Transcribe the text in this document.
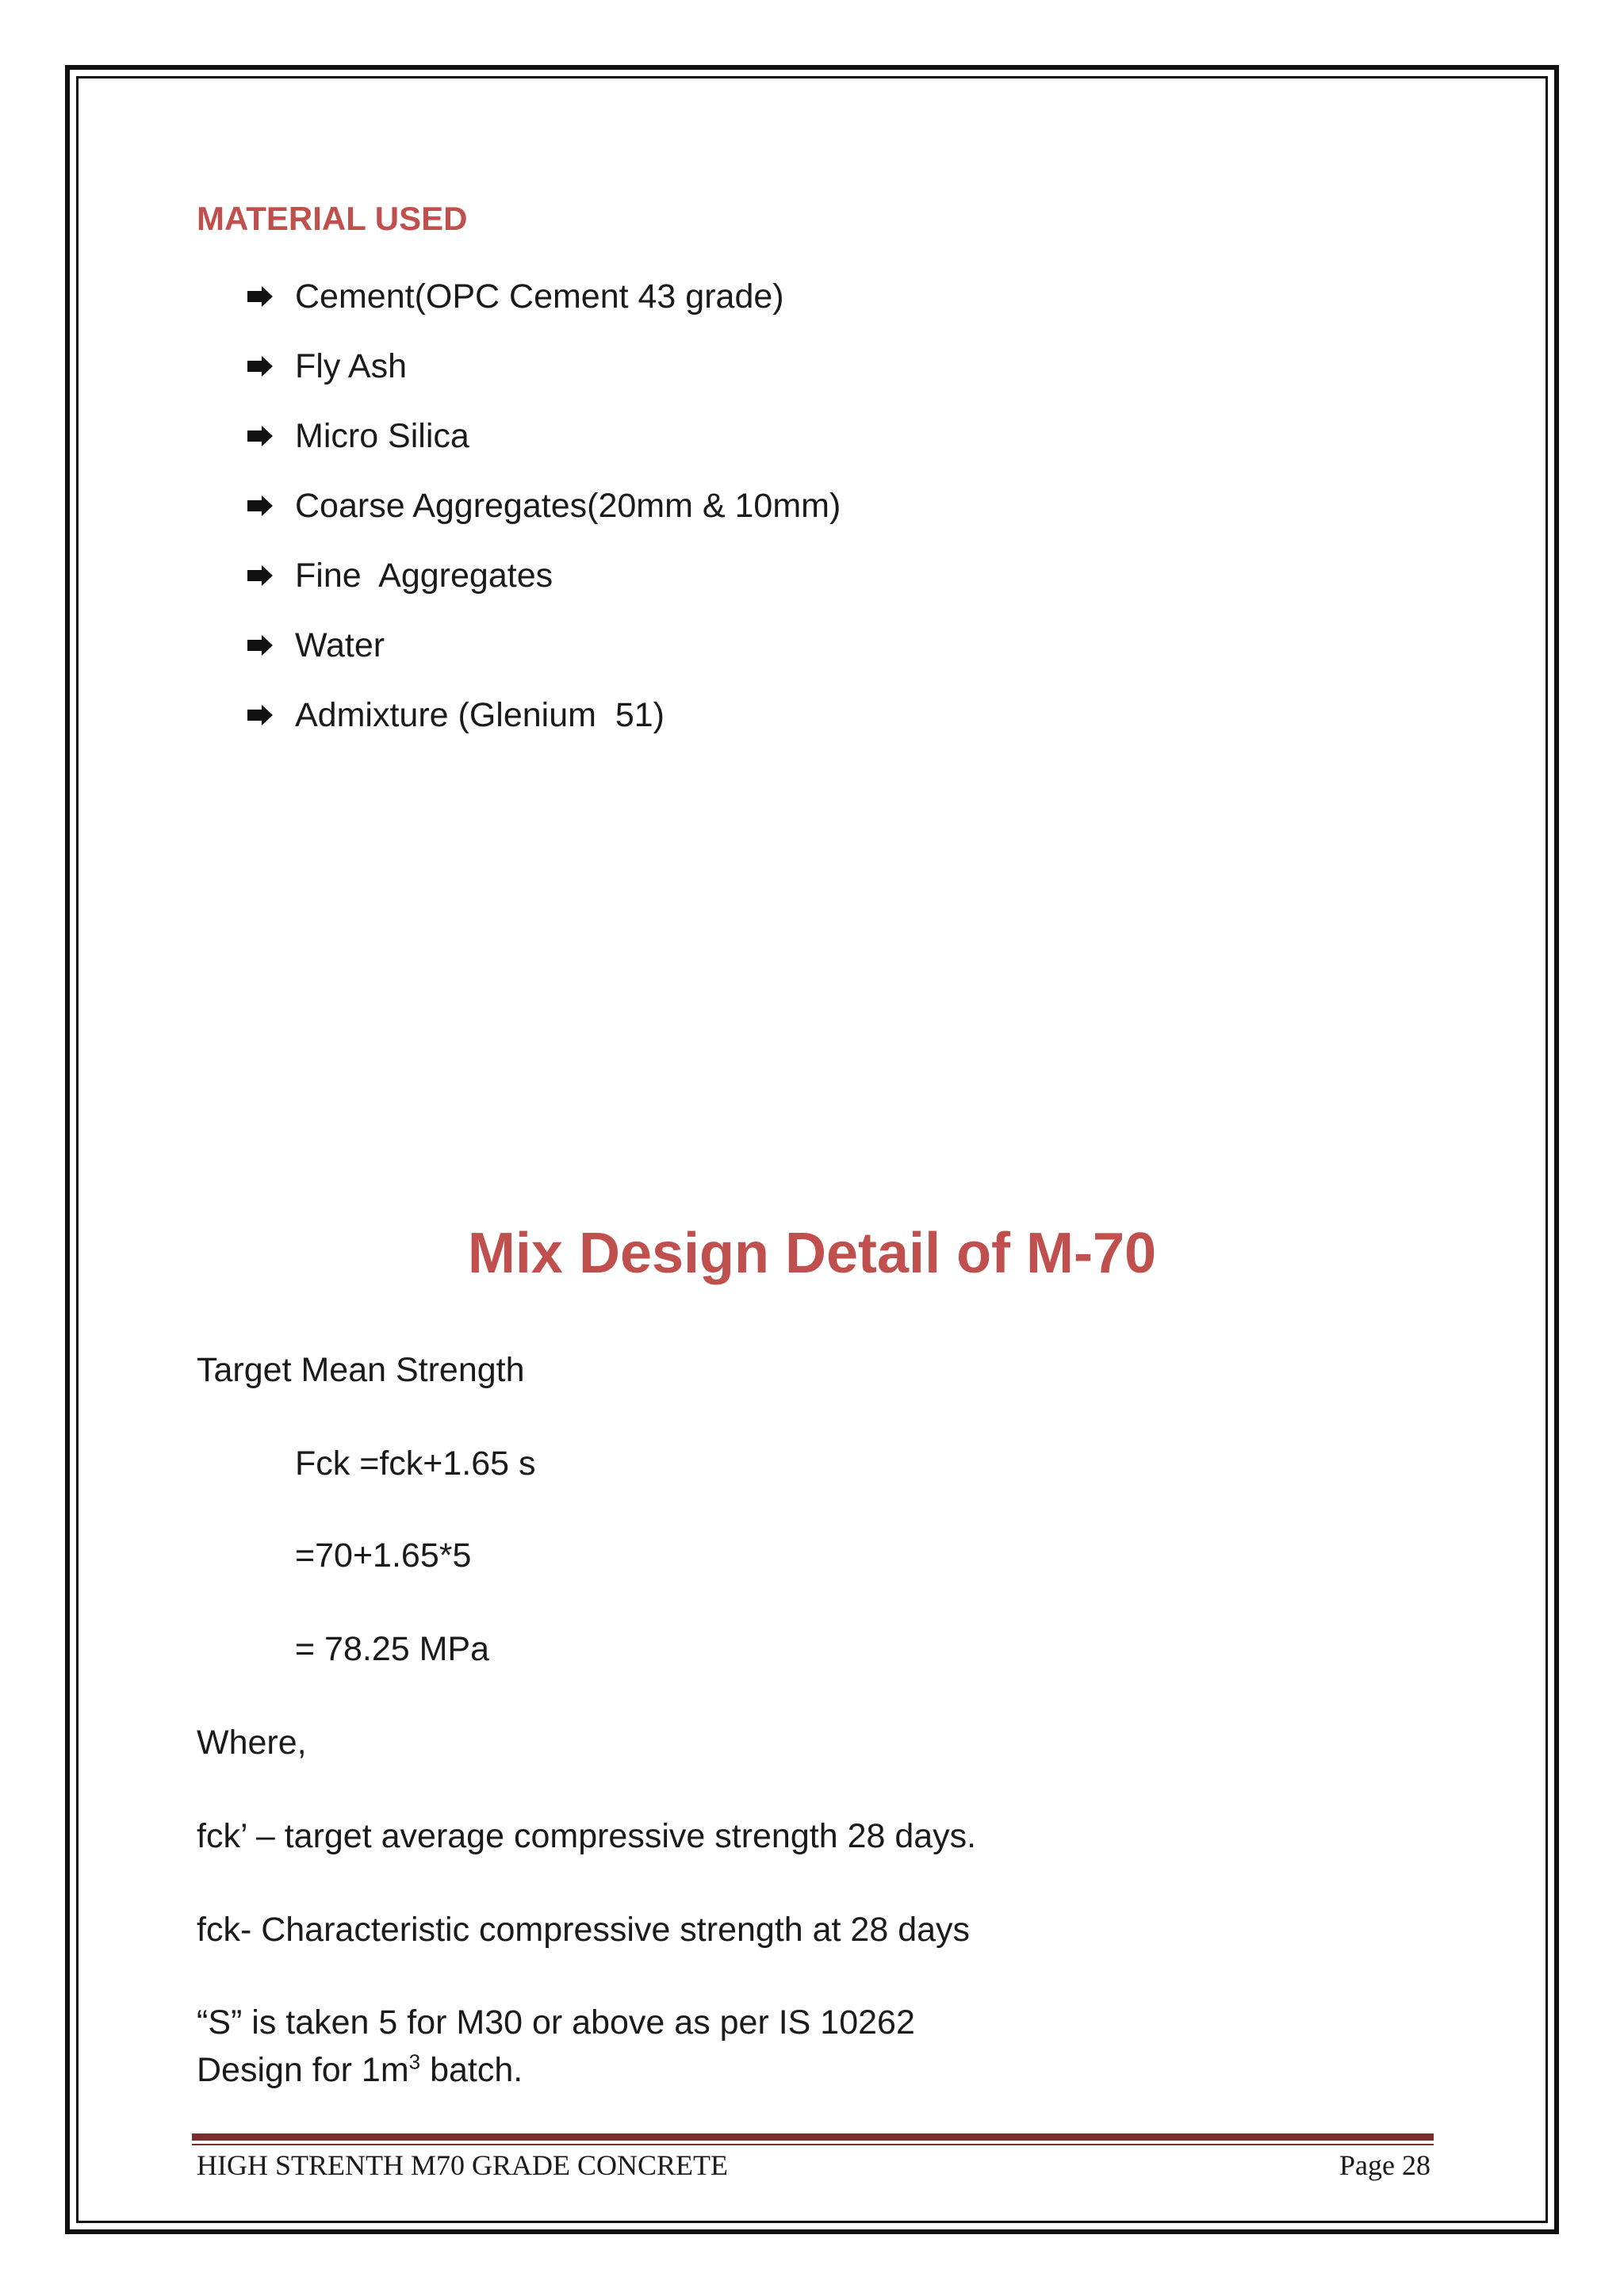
MATERIAL USED
Cement(OPC Cement 43 grade)
Fly Ash
Micro Silica
Coarse Aggregates(20mm & 10mm)
Fine  Aggregates
Water
Admixture (Glenium  51)
Mix Design Detail of M-70
Target Mean Strength
Fck =fck+1.65 s
=70+1.65*5
= 78.25 MPa
Where,
fck’ – target average compressive strength 28 days.
fck- Characteristic compressive strength at 28 days
“S” is taken 5 for M30 or above as per IS 10262
Design for $1m^3$ batch.
HIGH STRENTH M70 GRADE CONCRETE	Page 28
